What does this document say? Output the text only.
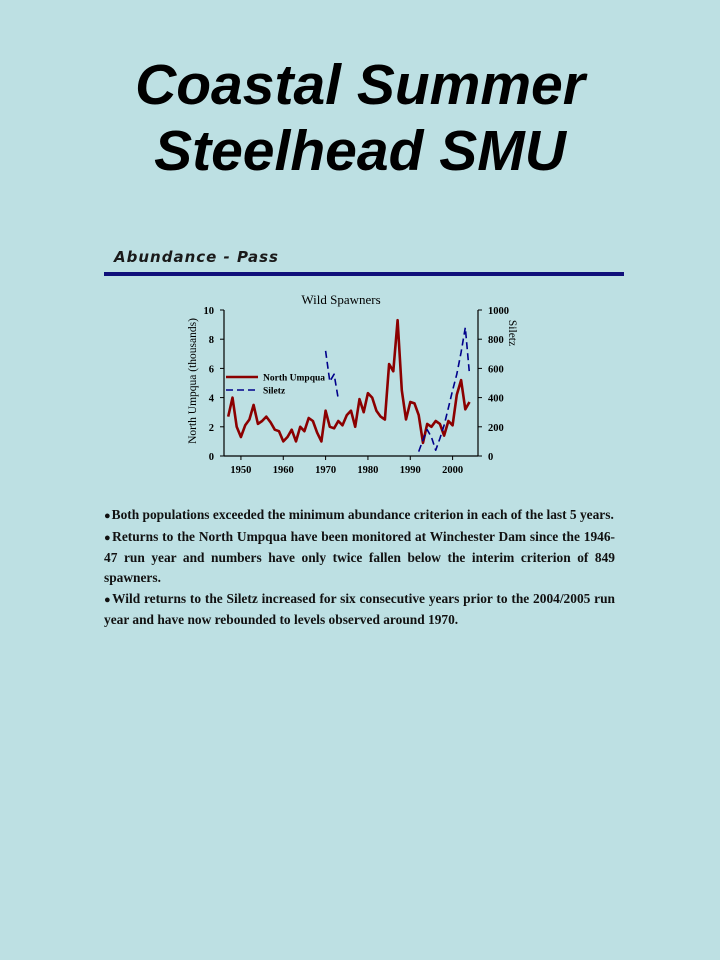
Coastal Summer
Steelhead SMU
Abundance - Pass
0
2
4
6
8
10
0
200
400
600
800
1000
1950 1960 1970 1980 1990 2000
Wild Spawners
North Umpqua (thousands)	Siletz
North Umpqua
Siletz

●Both populations exceeded the minimum abundance criterion in each of the last 5 years.

●Returns to the North Umpqua have been monitored at Winchester Dam since the 1946-47 run year and numbers have only twice fallen below the interim criterion of 849 spawners.

●Wild returns to the Siletz increased for six consecutive years prior to the 2004/2005 run year and have now rebounded to levels observed around 1970.
